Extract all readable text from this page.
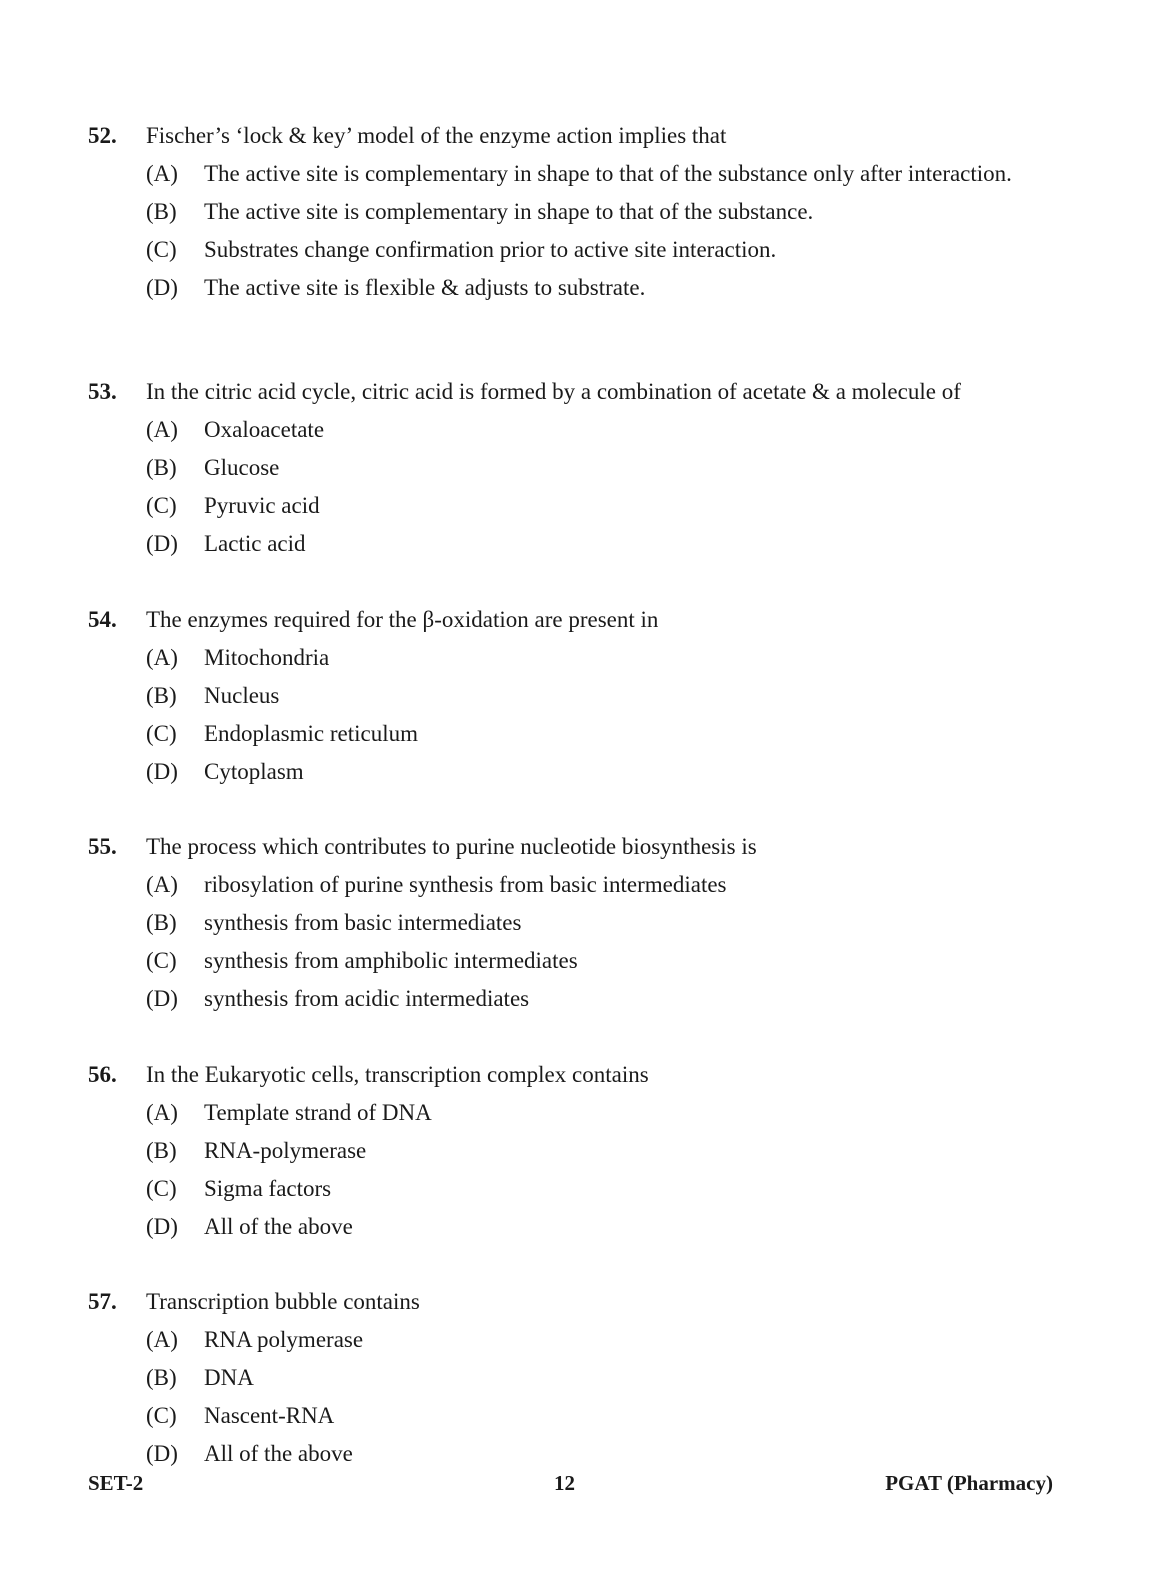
52.	Fischer’s ‘lock & key’ model of the enzyme action implies that
(A)	The active site is complementary in shape to that of the substance only after interaction.
(B)	The active site is complementary in shape to that of the substance.
(C)	Substrates change confirmation prior to active site interaction.
(D)	The active site is flexible & adjusts to substrate.
53.	In the citric acid cycle, citric acid is formed by a combination of acetate & a molecule of
(A)	Oxaloacetate
(B)	Glucose
(C)	Pyruvic acid
(D)	Lactic acid
54.	The enzymes required for the β-oxidation are present in
(A)	Mitochondria
(B)	Nucleus
(C)	Endoplasmic reticulum
(D)	Cytoplasm
55.	The process which contributes to purine nucleotide biosynthesis is
(A)	ribosylation of purine synthesis from basic intermediates
(B)	synthesis from basic intermediates
(C)	synthesis from amphibolic intermediates
(D)	synthesis from acidic intermediates
56.	In the Eukaryotic cells, transcription complex contains
(A)	Template strand of DNA
(B)	RNA-polymerase
(C)	Sigma factors
(D)	All of the above
57.	Transcription bubble contains
(A)	RNA polymerase
(B)	DNA
(C)	Nascent-RNA
(D)	All of the above
SET-2	12	PGAT (Pharmacy)
